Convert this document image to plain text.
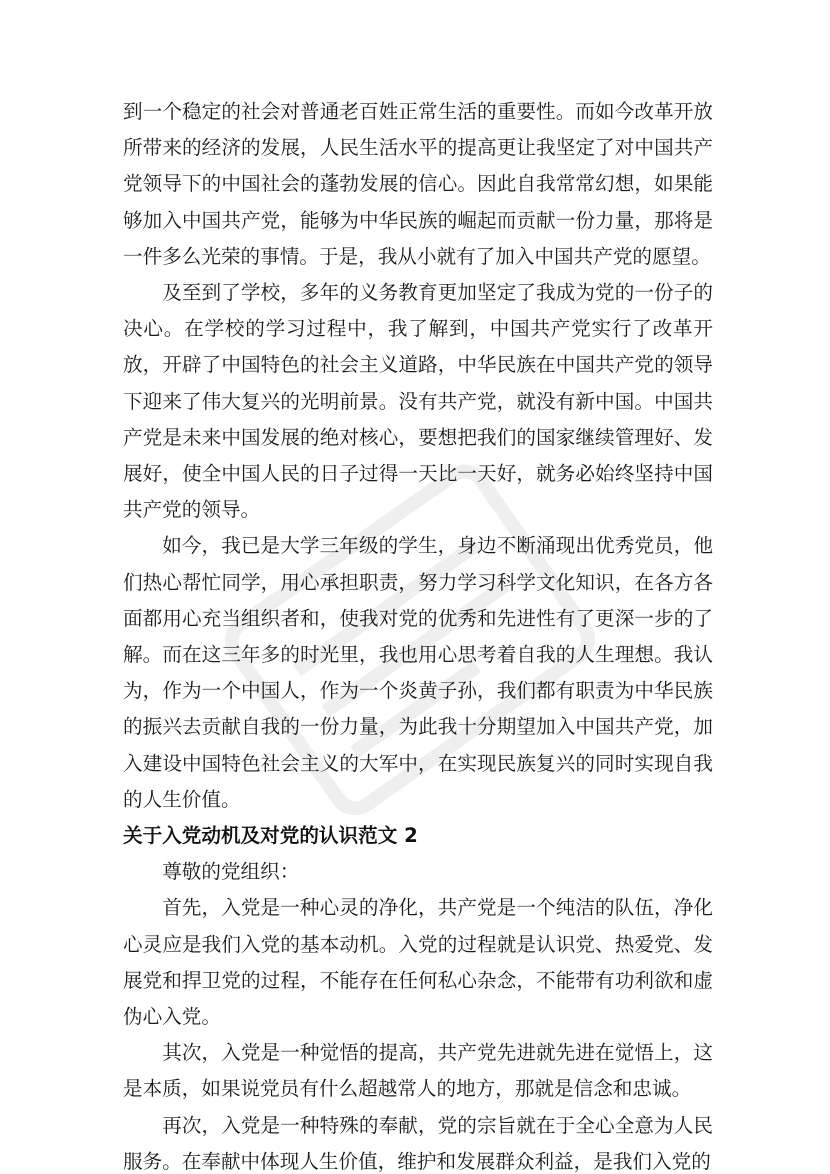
到一个稳定的社会对普通老百姓正常生活的重要性。而如今改革开放所带来的经济的发展，人民生活水平的提高更让我坚定了对中国共产党领导下的中国社会的蓬勃发展的信心。因此自我常常幻想，如果能够加入中国共产党，能够为中华民族的崛起而贡献一份力量，那将是一件多么光荣的事情。于是，我从小就有了加入中国共产党的愿望。

及至到了学校，多年的义务教育更加坚定了我成为党的一份子的决心。在学校的学习过程中，我了解到，中国共产党实行了改革开放，开辟了中国特色的社会主义道路，中华民族在中国共产党的领导下迎来了伟大复兴的光明前景。没有共产党，就没有新中国。中国共产党是未来中国发展的绝对核心，要想把我们的国家继续管理好、发展好，使全中国人民的日子过得一天比一天好，就务必始终坚持中国共产党的领导。

如今，我已是大学三年级的学生，身边不断涌现出优秀党员，他们热心帮忙同学，用心承担职责，努力学习科学文化知识，在各方各面都用心充当组织者和，使我对党的优秀和先进性有了更深一步的了解。而在这三年多的时光里，我也用心思考着自我的人生理想。我认为，作为一个中国人，作为一个炎黄子孙，我们都有职责为中华民族的振兴去贡献自我的一份力量，为此我十分期望加入中国共产党，加入建设中国特色社会主义的大军中，在实现民族复兴的同时实现自我的人生价值。

关于入党动机及对党的认识范文 2

尊敬的党组织：

首先，入党是一种心灵的净化，共产党是一个纯洁的队伍，净化心灵应是我们入党的基本动机。入党的过程就是认识党、热爱党、发展党和捍卫党的过程，不能存在任何私心杂念，不能带有功利欲和虚伪心入党。

其次，入党是一种觉悟的提高，共产党先进就先进在觉悟上，这是本质，如果说党员有什么超越常人的地方，那就是信念和忠诚。

再次，入党是一种特殊的奉献，党的宗旨就在于全心全意为人民服务。在奉献中体现人生价值，维护和发展群众利益，是我们入党的
